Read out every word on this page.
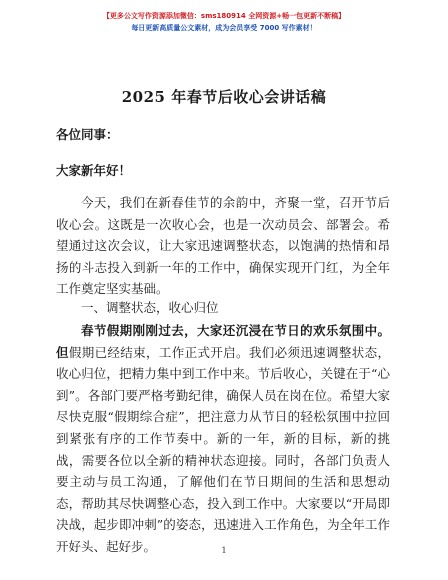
【更多公文写作资源添加微信：sms180914 全网资源+畅一包更新不断稿】
每日更新高质量公文素材，成为会员享受 7000 写作素材！
2025 年春节后收心会讲话稿
各位同事：
大家新年好！

今天，我们在新春佳节的余韵中，齐聚一堂，召开节后收心会。这既是一次收心会，也是一次动员会、部署会。希望通过这次会议，让大家迅速调整状态，以饱满的热情和昂扬的斗志投入到新一年的工作中，确保实现开门红，为全年工作奠定坚实基础。

一、调整状态，收心归位

春节假期刚刚过去，大家还沉浸在节日的欢乐氛围中。但假期已经结束，工作正式开启。我们必须迅速调整状态，收心归位，把精力集中到工作中来。节后收心，关键在于“心到”。各部门要严格考勤纪律，确保人员在岗在位。希望大家尽快克服“假期综合症”，把注意力从节日的轻松氛围中拉回到紧张有序的工作节奏中。新的一年，新的目标，新的挑战，需要各位以全新的精神状态迎接。同时，各部门负责人要主动与员工沟通，了解他们在节日期间的生活和思想动态，帮助其尽快调整心态，投入到工作中。大家要以“开局即决战，起步即冲刺”的姿态，迅速进入工作角色，为全年工作开好头、起好步。	1
